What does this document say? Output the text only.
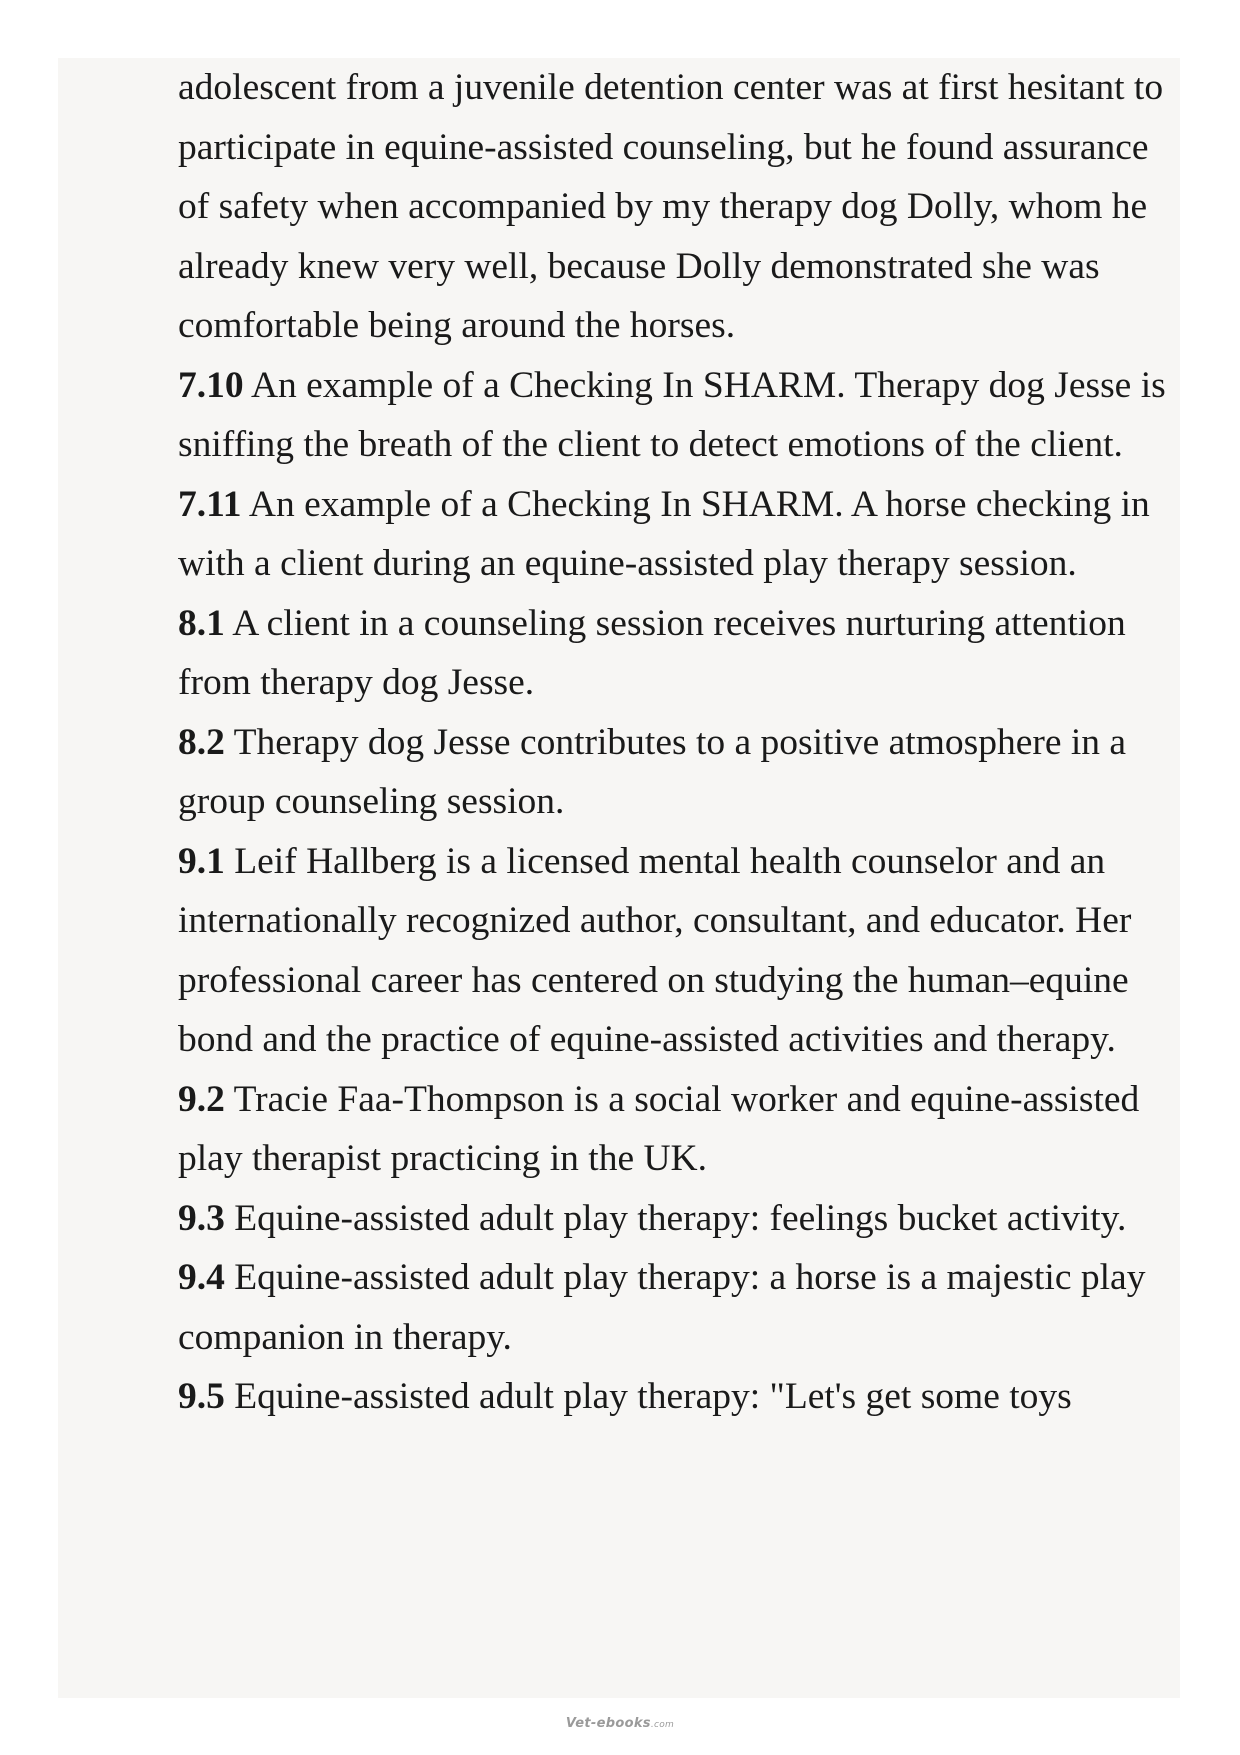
adolescent from a juvenile detention center was at first hesitant to participate in equine-assisted counseling, but he found assurance of safety when accompanied by my therapy dog Dolly, whom he already knew very well, because Dolly demonstrated she was comfortable being around the horses.

7.10 An example of a Checking In SHARM. Therapy dog Jesse is sniffing the breath of the client to detect emotions of the client.

7.11 An example of a Checking In SHARM. A horse checking in with a client during an equine-assisted play therapy session.

8.1 A client in a counseling session receives nurturing attention from therapy dog Jesse.

8.2 Therapy dog Jesse contributes to a positive atmosphere in a group counseling session.

9.1 Leif Hallberg is a licensed mental health counselor and an internationally recognized author, consultant, and educator. Her professional career has centered on studying the human–equine bond and the practice of equine-assisted activities and therapy.

9.2 Tracie Faa-Thompson is a social worker and equine-assisted play therapist practicing in the UK.

9.3 Equine-assisted adult play therapy: feelings bucket activity.

9.4 Equine-assisted adult play therapy: a horse is a majestic play companion in therapy.

9.5 Equine-assisted adult play therapy: "Let's get some toys

Vet-ebooks.com
